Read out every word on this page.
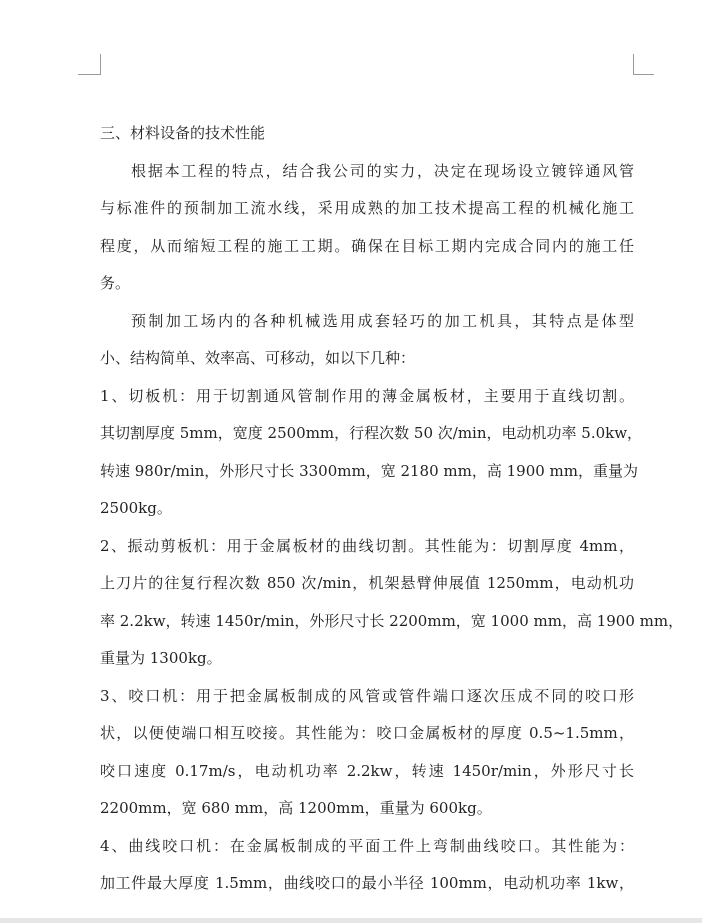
三、材料设备的技术性能
根据本工程的特点，结合我公司的实力，决定在现场设立镀锌通风管
与标准件的预制加工流水线，采用成熟的加工技术提高工程的机械化施工
程度，从而缩短工程的施工工期。确保在目标工期内完成合同内的施工任
务。
预制加工场内的各种机械选用成套轻巧的加工机具，其特点是体型
小、结构简单、效率高、可移动，如以下几种：
1、切板机：用于切割通风管制作用的薄金属板材，主要用于直线切割。
其切割厚度 5mm，宽度 2500mm，行程次数 50 次/min，电动机功率 5.0kw，
转速 980r/min，外形尺寸长 3300mm，宽 2180 mm，高 1900 mm，重量为
2500kg。
2、振动剪板机：用于金属板材的曲线切割。其性能为：切割厚度 4mm，
上刀片的往复行程次数 850 次/min，机架悬臂伸展值 1250mm，电动机功
率 2.2kw，转速 1450r/min，外形尺寸长 2200mm，宽 1000 mm，高 1900 mm，
重量为 1300kg。
3、咬口机：用于把金属板制成的风管或管件端口逐次压成不同的咬口形
状，以便使端口相互咬接。其性能为：咬口金属板材的厚度 0.5~1.5mm，
咬口速度 0.17m/s，电动机功率 2.2kw，转速 1450r/min，外形尺寸长
2200mm，宽 680 mm，高 1200mm，重量为 600kg。
4、曲线咬口机：在金属板制成的平面工件上弯制曲线咬口。其性能为：
加工件最大厚度 1.5mm，曲线咬口的最小半径 100mm，电动机功率 1kw，
